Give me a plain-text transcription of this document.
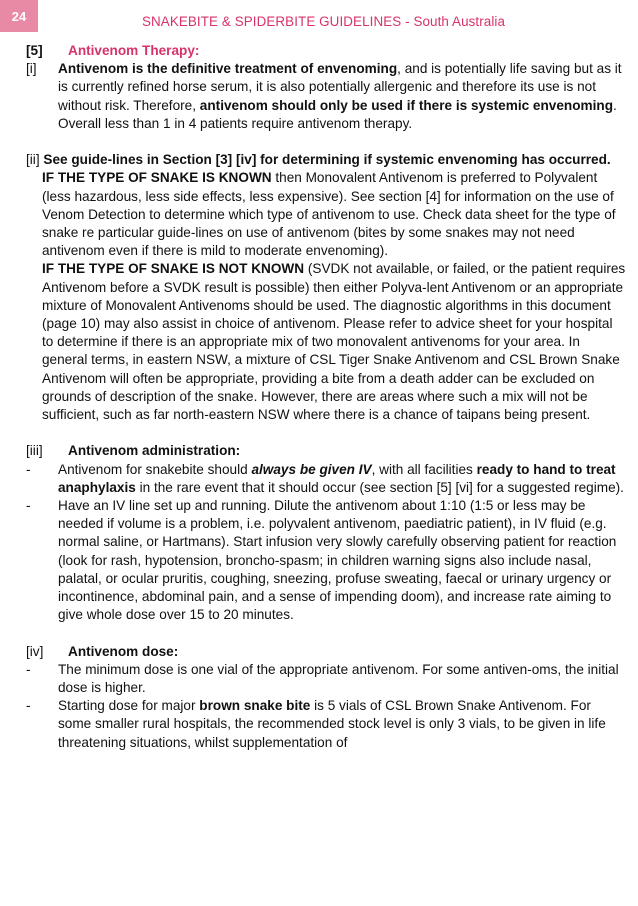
24	SNAKEBITE & SPIDERBITE GUIDELINES - South Australia
[5]	Antivenom Therapy:
[i]	Antivenom is the definitive treatment of envenoming, and is potentially life saving but as it is currently refined horse serum, it is also potentially allergenic and therefore its use is not without risk. Therefore, antivenom should only be used if there is systemic envenoming. Overall less than 1 in 4 patients require antivenom therapy.
[ii] See guide-lines in Section [3] [iv] for determining if systemic envenoming has occurred.
IF THE TYPE OF SNAKE IS KNOWN then Monovalent Antivenom is preferred to Polyvalent (less hazardous, less side effects, less expensive). See section [4] for information on the use of Venom Detection to determine which type of antivenom to use. Check data sheet for the type of snake re particular guide-lines on use of antivenom (bites by some snakes may not need antivenom even if there is mild to moderate envenoming).
IF THE TYPE OF SNAKE IS NOT KNOWN (SVDK not available, or failed, or the patient requires Antivenom before a SVDK result is possible) then either Polyva-lent Antivenom or an appropriate mixture of Monovalent Antivenoms should be used. The diagnostic algorithms in this document (page 10) may also assist in choice of antivenom. Please refer to advice sheet for your hospital to determine if there is an appropriate mix of two monovalent antivenoms for your area. In general terms, in eastern NSW, a mixture of CSL Tiger Snake Antivenom and CSL Brown Snake Antivenom will often be appropriate, providing a bite from a death adder can be excluded on grounds of description of the snake. However, there are areas where such a mix will not be sufficient, such as far north-eastern NSW where there is a chance of taipans being present.
[iii]	Antivenom administration:
-	Antivenom for snakebite should always be given IV, with all facilities ready to hand to treat anaphylaxis in the rare event that it should occur (see section [5] [vi] for a suggested regime).
-	Have an IV line set up and running. Dilute the antivenom about 1:10 (1:5 or less may be needed if volume is a problem, i.e. polyvalent antivenom, paediatric patient), in IV fluid (e.g. normal saline, or Hartmans). Start infusion very slowly carefully observing patient for reaction (look for rash, hypotension, broncho-spasm; in children warning signs also include nasal, palatal, or ocular pruritis, coughing, sneezing, profuse sweating, faecal or urinary urgency or incontinence, abdominal pain, and a sense of impending doom), and increase rate aiming to give whole dose over 15 to 20 minutes.
[iv]	Antivenom dose:
-	The minimum dose is one vial of the appropriate antivenom. For some antiven-oms, the initial dose is higher.
-	Starting dose for major brown snake bite is 5 vials of CSL Brown Snake Antivenom. For some smaller rural hospitals, the recommended stock level is only 3 vials, to be given in life threatening situations, whilst supplementation of
